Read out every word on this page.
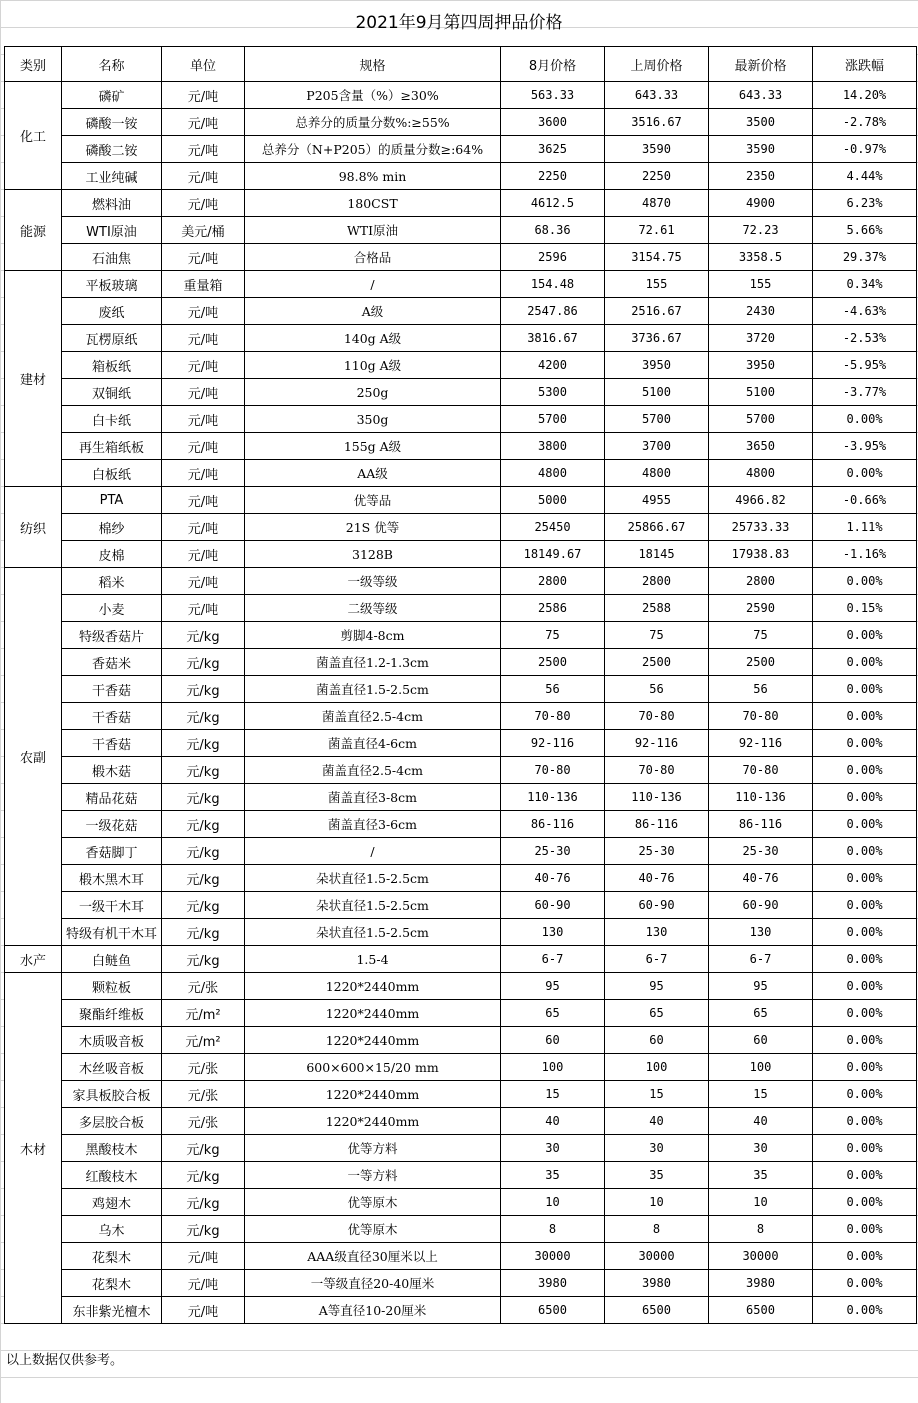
2021年9月第四周押品价格
类别	名称	单位	规格	8月价格	上周价格	最新价格	涨跌幅
化工	磷矿	元/吨	P205含量（%）≥30%	563.33	643.33	643.33	14.20%
	磷酸一铵	元/吨	总养分的质量分数%:≥55%	3600	3516.67	3500	-2.78%
	磷酸二铵	元/吨	总养分（N+P205）的质量分数≥:64%	3625	3590	3590	-0.97%
	工业纯碱	元/吨	98.8% min	2250	2250	2350	4.44%
能源	燃料油	元/吨	180CST	4612.5	4870	4900	6.23%
	WTI原油	美元/桶	WTI原油	68.36	72.61	72.23	5.66%
	石油焦	元/吨	合格品	2596	3154.75	3358.5	29.37%
建材	平板玻璃	重量箱	/	154.48	155	155	0.34%
	废纸	元/吨	A级	2547.86	2516.67	2430	-4.63%
	瓦楞原纸	元/吨	140g A级	3816.67	3736.67	3720	-2.53%
	箱板纸	元/吨	110g A级	4200	3950	3950	-5.95%
	双铜纸	元/吨	250g	5300	5100	5100	-3.77%
	白卡纸	元/吨	350g	5700	5700	5700	0.00%
	再生箱纸板	元/吨	155g A级	3800	3700	3650	-3.95%
	白板纸	元/吨	AA级	4800	4800	4800	0.00%
纺织	PTA	元/吨	优等品	5000	4955	4966.82	-0.66%
	棉纱	元/吨	21S 优等	25450	25866.67	25733.33	1.11%
	皮棉	元/吨	3128B	18149.67	18145	17938.83	-1.16%
农副	稻米	元/吨	一级等级	2800	2800	2800	0.00%
	小麦	元/吨	二级等级	2586	2588	2590	0.15%
	特级香菇片	元/kg	剪脚4-8cm	75	75	75	0.00%
	香菇米	元/kg	菌盖直径1.2-1.3cm	2500	2500	2500	0.00%
	干香菇	元/kg	菌盖直径1.5-2.5cm	56	56	56	0.00%
	干香菇	元/kg	菌盖直径2.5-4cm	70-80	70-80	70-80	0.00%
	干香菇	元/kg	菌盖直径4-6cm	92-116	92-116	92-116	0.00%
	椴木菇	元/kg	菌盖直径2.5-4cm	70-80	70-80	70-80	0.00%
	精品花菇	元/kg	菌盖直径3-8cm	110-136	110-136	110-136	0.00%
	一级花菇	元/kg	菌盖直径3-6cm	86-116	86-116	86-116	0.00%
	香菇脚丁	元/kg	/	25-30	25-30	25-30	0.00%
	椴木黑木耳	元/kg	朵状直径1.5-2.5cm	40-76	40-76	40-76	0.00%
	一级干木耳	元/kg	朵状直径1.5-2.5cm	60-90	60-90	60-90	0.00%
	特级有机干木耳	元/kg	朵状直径1.5-2.5cm	130	130	130	0.00%
水产	白鲢鱼	元/kg	1.5-4	6-7	6-7	6-7	0.00%
木材	颗粒板	元/张	1220*2440mm	95	95	95	0.00%
	聚酯纤维板	元/m²	1220*2440mm	65	65	65	0.00%
	木质吸音板	元/m²	1220*2440mm	60	60	60	0.00%
	木丝吸音板	元/张	600×600×15/20 mm	100	100	100	0.00%
	家具板胶合板	元/张	1220*2440mm	15	15	15	0.00%
	多层胶合板	元/张	1220*2440mm	40	40	40	0.00%
	黑酸枝木	元/kg	优等方料	30	30	30	0.00%
	红酸枝木	元/kg	一等方料	35	35	35	0.00%
	鸡翅木	元/kg	优等原木	10	10	10	0.00%
	乌木	元/kg	优等原木	8	8	8	0.00%
	花梨木	元/吨	AAA级直径30厘米以上	30000	30000	30000	0.00%
	花梨木	元/吨	一等级直径20-40厘米	3980	3980	3980	0.00%
	东非紫光檀木	元/吨	A等直径10-20厘米	6500	6500	6500	0.00%
以上数据仅供参考。
